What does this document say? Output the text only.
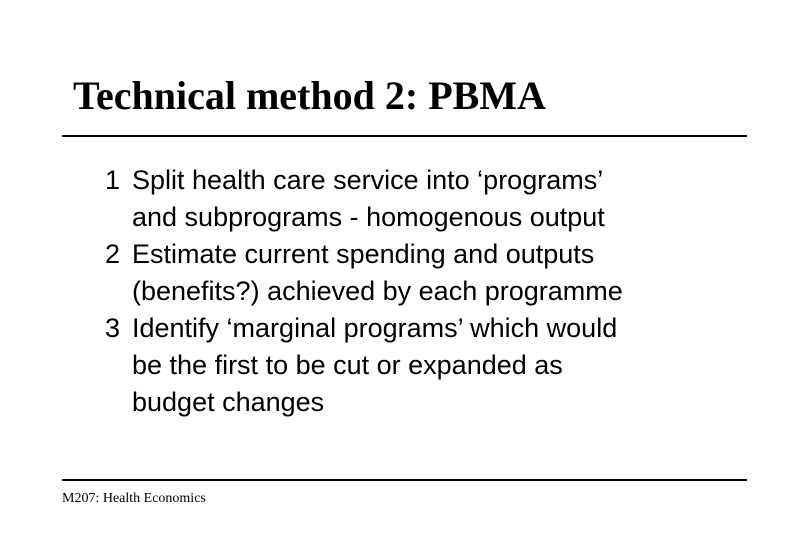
Technical method 2: PBMA
1 Split health care service into ‘programs’
and subprograms - homogenous output
2 Estimate current spending and outputs
(benefits?) achieved by each programme
3 Identify ‘marginal programs’ which would
be the first to be cut or expanded as
budget changes
M207: Health Economics
